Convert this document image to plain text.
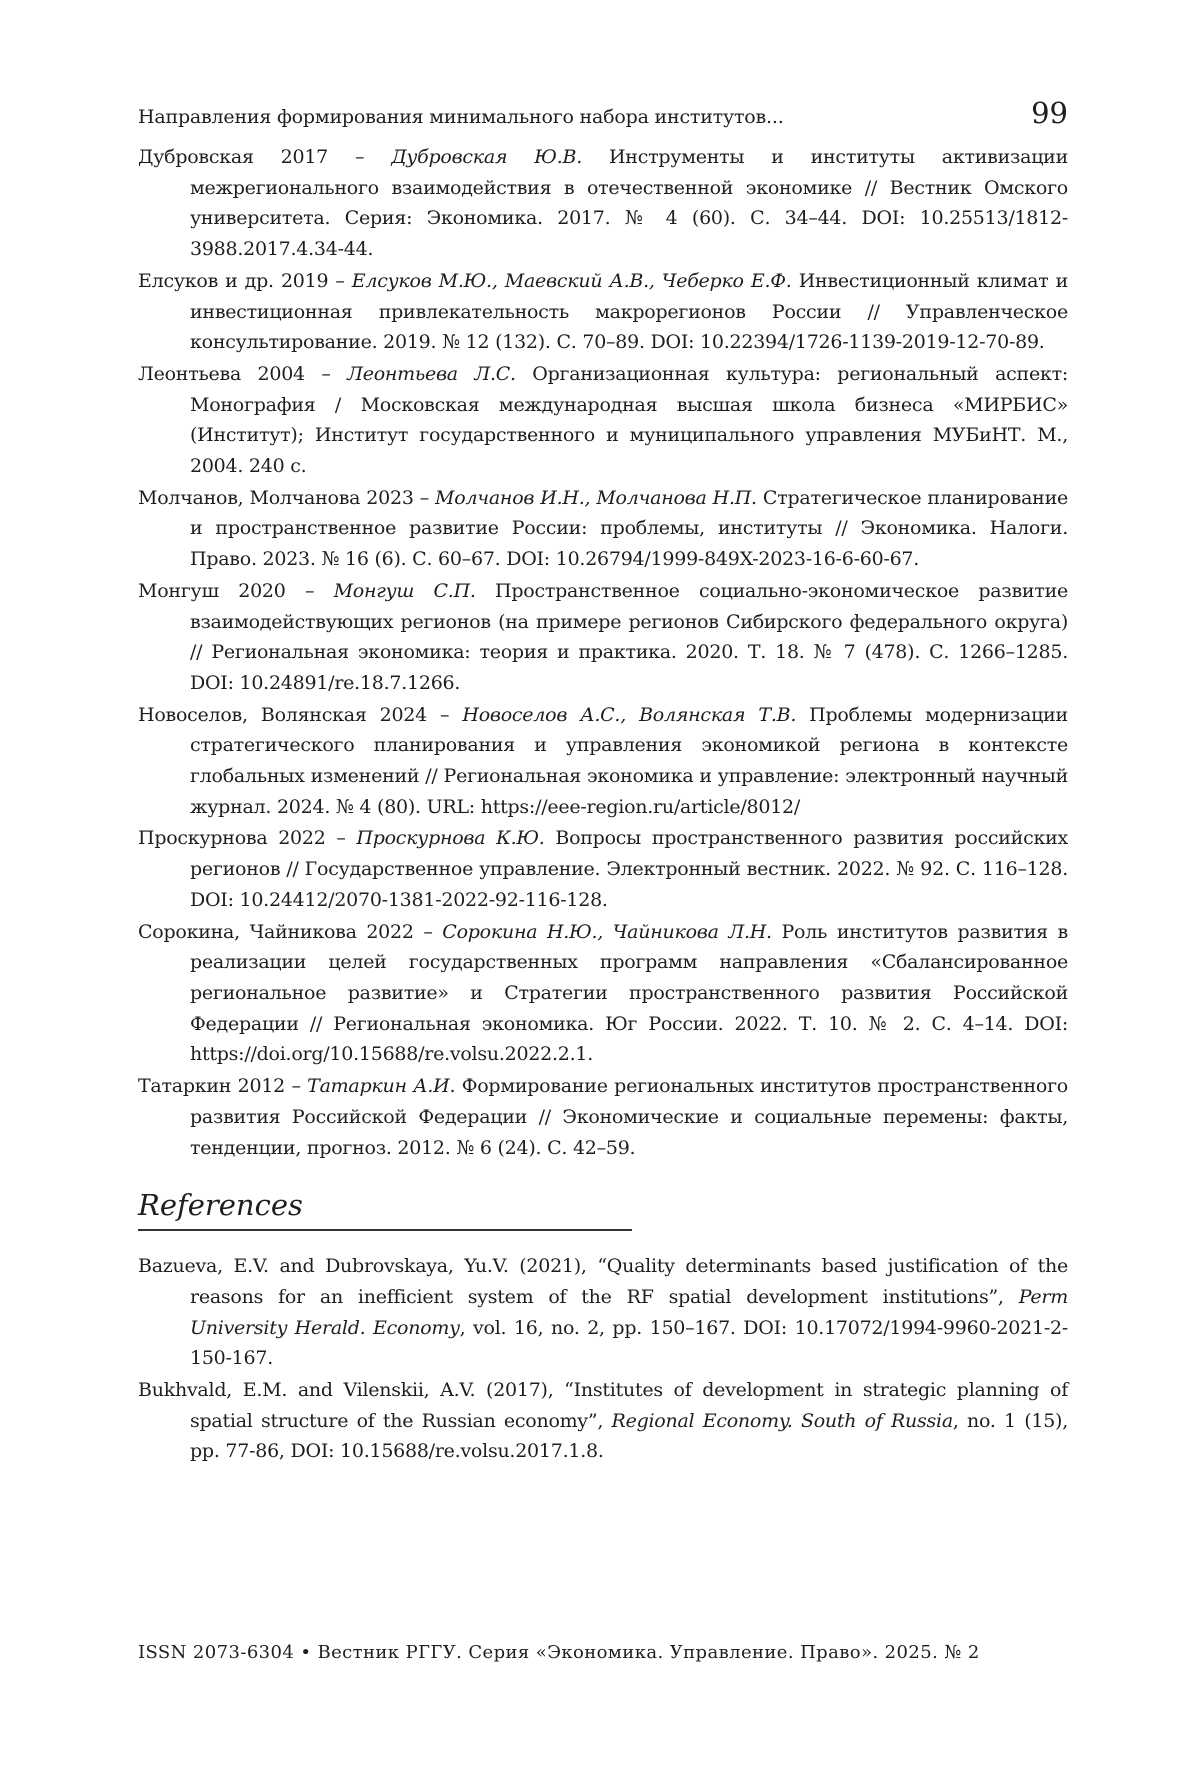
Направления формирования минимального набора институтов...	99
Дубровская 2017 – Дубровская Ю.В. Инструменты и институты активизации межрегионального взаимодействия в отечественной экономике // Вестник Омского университета. Серия: Экономика. 2017. № 4 (60). С. 34–44. DOI: 10.25513/1812-3988.2017.4.34-44.
Елсуков и др. 2019 – Елсуков М.Ю., Маевский А.В., Чеберко Е.Ф. Инвестиционный климат и инвестиционная привлекательность макрорегионов России // Управленческое консультирование. 2019. № 12 (132). С. 70–89. DOI: 10.22394/1726-1139-2019-12-70-89.
Леонтьева 2004 – Леонтьева Л.С. Организационная культура: региональный аспект: Монография / Московская международная высшая школа бизнеса «МИРБИС» (Институт); Институт государственного и муниципального управления МУБиНТ. М., 2004. 240 с.
Молчанов, Молчанова 2023 – Молчанов И.Н., Молчанова Н.П. Стратегическое планирование и пространственное развитие России: проблемы, институты // Экономика. Налоги. Право. 2023. № 16 (6). С. 60–67. DOI: 10.26794/1999-849X-2023-16-6-60-67.
Монгуш 2020 – Монгуш С.П. Пространственное социально-экономическое развитие взаимодействующих регионов (на примере регионов Сибирского федерального округа) // Региональная экономика: теория и практика. 2020. Т. 18. № 7 (478). С. 1266–1285. DOI: 10.24891/re.18.7.1266.
Новоселов, Волянская 2024 – Новоселов А.С., Волянская Т.В. Проблемы модернизации стратегического планирования и управления экономикой региона в контексте глобальных изменений // Региональная экономика и управление: электронный научный журнал. 2024. № 4 (80). URL: https://eee-region.ru/article/8012/
Проскурнова 2022 – Проскурнова К.Ю. Вопросы пространственного развития российских регионов // Государственное управление. Электронный вестник. 2022. № 92. С. 116–128. DOI: 10.24412/2070-1381-2022-92-116-128.
Сорокина, Чайникова 2022 – Сорокина Н.Ю., Чайникова Л.Н. Роль институтов развития в реализации целей государственных программ направления «Сбалансированное региональное развитие» и Стратегии пространственного развития Российской Федерации // Региональная экономика. Юг России. 2022. Т. 10. № 2. С. 4–14. DOI: https://doi.org/10.15688/re.volsu.2022.2.1.
Татаркин 2012 – Татаркин А.И. Формирование региональных институтов пространственного развития Российской Федерации // Экономические и социальные перемены: факты, тенденции, прогноз. 2012. № 6 (24). С. 42–59.
References
Bazueva, E.V. and Dubrovskaya, Yu.V. (2021), “Quality determinants based justification of the reasons for an inefficient system of the RF spatial development institutions”, Perm University Herald. Economy, vol. 16, no. 2, pp. 150–167. DOI: 10.17072/1994-9960-2021-2-150-167.
Bukhvald, E.M. and Vilenskii, A.V. (2017), “Institutes of development in strategic planning of spatial structure of the Russian economy”, Regional Economy. South of Russia, no. 1 (15), pp. 77-86, DOI: 10.15688/re.volsu.2017.1.8.
ISSN 2073-6304 • Вестник РГГУ. Серия «Экономика. Управление. Право». 2025. № 2
